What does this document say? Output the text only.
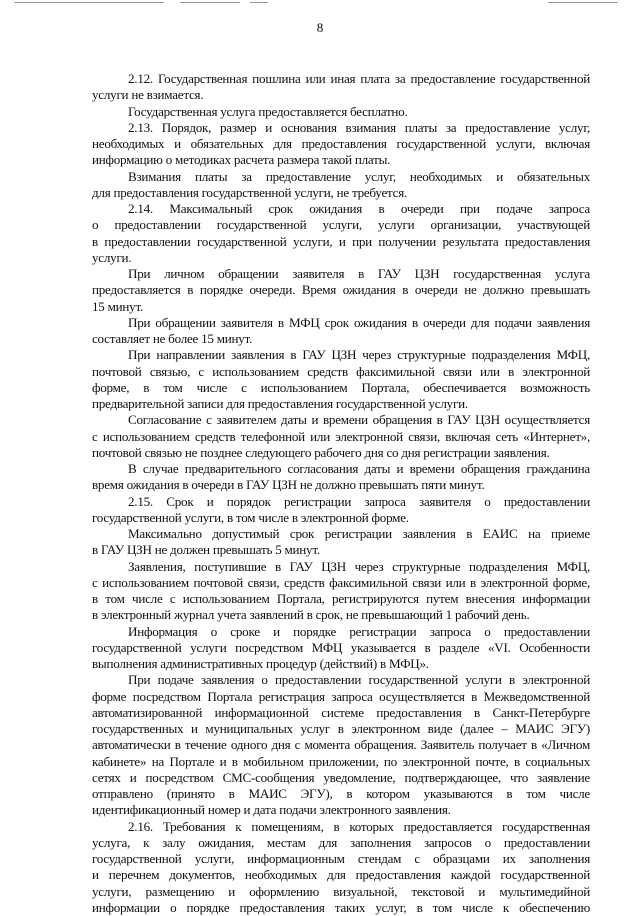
8
2.12. Государственная пошлина или иная плата за предоставление государственной
услуги не взимается.
Государственная услуга предоставляется бесплатно.
2.13. Порядок, размер и основания взимания платы за предоставление услуг,
необходимых и обязательных для предоставления государственной услуги, включая
информацию о методиках расчета размера такой платы.
Взимания платы за предоставление услуг, необходимых и обязательных
для предоставления государственной услуги, не требуется.
2.14. Максимальный срок ожидания в очереди при подаче запроса
о предоставлении государственной услуги, услуги организации, участвующей
в предоставлении государственной услуги, и при получении результата предоставления
услуги.
При личном обращении заявителя в ГАУ ЦЗН государственная услуга
предоставляется в порядке очереди. Время ожидания в очереди не должно превышать
15 минут.
При обращении заявителя в МФЦ срок ожидания в очереди для подачи заявления
составляет не более 15 минут.
При направлении заявления в ГАУ ЦЗН через структурные подразделения МФЦ,
почтовой связью, с использованием средств факсимильной связи или в электронной
форме, в том числе с использованием Портала, обеспечивается возможность
предварительной записи для предоставления государственной услуги.
Согласование с заявителем даты и времени обращения в ГАУ ЦЗН осуществляется
с использованием средств телефонной или электронной связи, включая сеть «Интернет»,
почтовой связью не позднее следующего рабочего дня со дня регистрации заявления.
В случае предварительного согласования даты и времени обращения гражданина
время ожидания в очереди в ГАУ ЦЗН не должно превышать пяти минут.
2.15. Срок и порядок регистрации запроса заявителя о предоставлении
государственной услуги, в том числе в электронной форме.
Максимально допустимый срок регистрации заявления в ЕАИС на приеме
в ГАУ ЦЗН не должен превышать 5 минут.
Заявления, поступившие в ГАУ ЦЗН через структурные подразделения МФЦ,
с использованием почтовой связи, средств факсимильной связи или в электронной форме,
в том числе с использованием Портала, регистрируются путем внесения информации
в электронный журнал учета заявлений в срок, не превышающий 1 рабочий день.
Информация о сроке и порядке регистрации запроса о предоставлении
государственной услуги посредством МФЦ указывается в разделе «VI. Особенности
выполнения административных процедур (действий) в МФЦ».
При подаче заявления о предоставлении государственной услуги в электронной
форме посредством Портала регистрация запроса осуществляется в Межведомственной
автоматизированной информационной системе предоставления в Санкт-Петербурге
государственных и муниципальных услуг в электронном виде (далее – МАИС ЭГУ)
автоматически в течение одного дня с момента обращения. Заявитель получает в «Личном
кабинете» на Портале и в мобильном приложении, по электронной почте, в социальных
сетях и посредством СМС-сообщения уведомление, подтверждающее, что заявление
отправлено (принято в МАИС ЭГУ), в котором указываются в том числе
идентификационный номер и дата подачи электронного заявления.
2.16. Требования к помещениям, в которых предоставляется государственная
услуга, к залу ожидания, местам для заполнения запросов о предоставлении
государственной услуги, информационным стендам с образцами их заполнения
и перечнем документов, необходимых для предоставления каждой государственной
услуги, размещению и оформлению визуальной, текстовой и мультимедийной
информации о порядке предоставления таких услуг, в том числе к обеспечению
